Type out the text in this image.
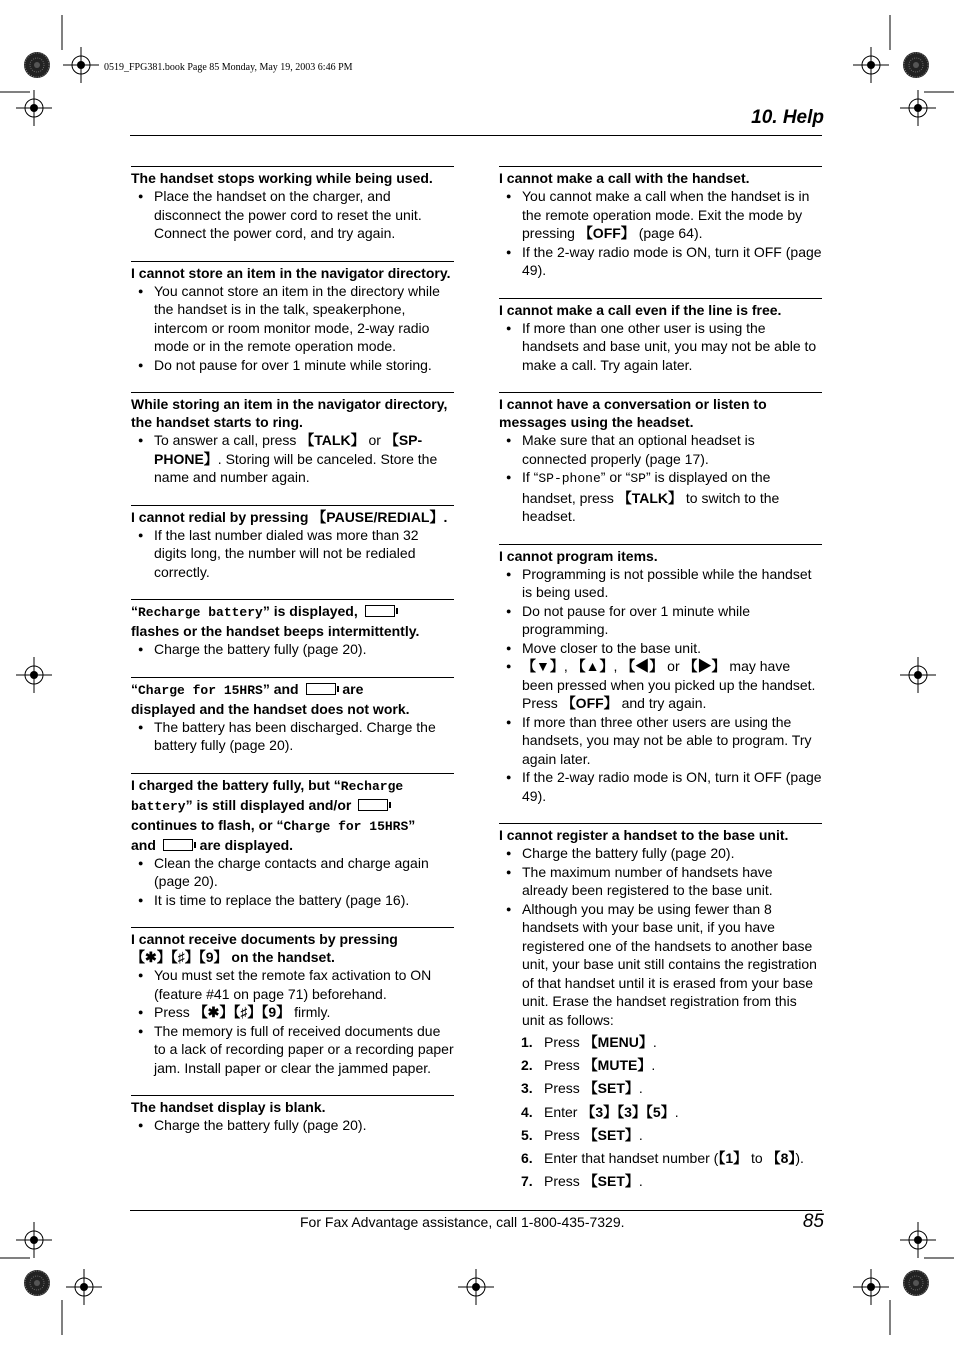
0519_FPG381.book Page 85 Monday, May 19, 2003 6:46 PM
10. Help
The handset stops working while being used.
● Place the handset on the charger, and disconnect the power cord to reset the unit. Connect the power cord, and try again.
I cannot store an item in the navigator directory.
● You cannot store an item in the directory while the handset is in the talk, speakerphone, intercom or room monitor mode, 2-way radio mode or in the remote operation mode.
● Do not pause for over 1 minute while storing.
While storing an item in the navigator directory, the handset starts to ring.
● To answer a call, press 【TALK】 or 【SP-PHONE】. Storing will be canceled. Store the name and number again.
I cannot redial by pressing 【PAUSE/REDIAL】.
● If the last number dialed was more than 32 digits long, the number will not be redialed correctly.
“Recharge battery” is displayed,
flashes or the handset beeps intermittently.
● Charge the battery fully (page 20).
“Charge for 15HRS” and	are
displayed and the handset does not work.
● The battery has been discharged. Charge the battery fully (page 20).
I charged the battery fully, but “Recharge battery” is still displayed and/or
continues to flash, or “Charge for 15HRS”
and	are displayed.
● Clean the charge contacts and charge again (page 20).
● It is time to replace the battery (page 16).
I cannot receive documents by pressing
【✱】【♯】【9】 on the handset.
● You must set the remote fax activation to ON (feature #41 on page 71) beforehand.
● Press 【✱】【♯】【9】 firmly.
● The memory is full of received documents due to a lack of recording paper or a recording paper jam. Install paper or clear the jammed paper.
The handset display is blank.
● Charge the battery fully (page 20).
I cannot make a call with the handset.
● You cannot make a call when the handset is in the remote operation mode. Exit the mode by pressing 【OFF】 (page 64).
● If the 2-way radio mode is ON, turn it OFF (page 49).
I cannot make a call even if the line is free.
● If more than one other user is using the handsets and base unit, you may not be able to make a call. Try again later.
I cannot have a conversation or listen to messages using the headset.
● Make sure that an optional headset is connected properly (page 17).
● If “SP-phone” or “SP” is displayed on the handset, press 【TALK】 to switch to the headset.
I cannot program items.
● Programming is not possible while the handset is being used.
● Do not pause for over 1 minute while programming.
● Move closer to the base unit.
● 【▼】, 【▲】, 【◀】 or 【▶】 may have been pressed when you picked up the handset. Press 【OFF】 and try again.
● If more than three other users are using the handsets, you may not be able to program. Try again later.
● If the 2-way radio mode is ON, turn it OFF (page 49).
I cannot register a handset to the base unit.
● Charge the battery fully (page 20).
● The maximum number of handsets have already been registered to the base unit.
● Although you may be using fewer than 8 handsets with your base unit, if you have registered one of the handsets to another base unit, your base unit still contains the registration of that handset until it is erased from your base unit. Erase the handset registration from this unit as follows:
1. Press 【MENU】.
2. Press 【MUTE】.
3. Press 【SET】.
4. Enter 【3】【3】【5】.
5. Press 【SET】.
6. Enter that handset number (【1】 to 【8】).
7. Press 【SET】.
For Fax Advantage assistance, call 1-800-435-7329.	85
